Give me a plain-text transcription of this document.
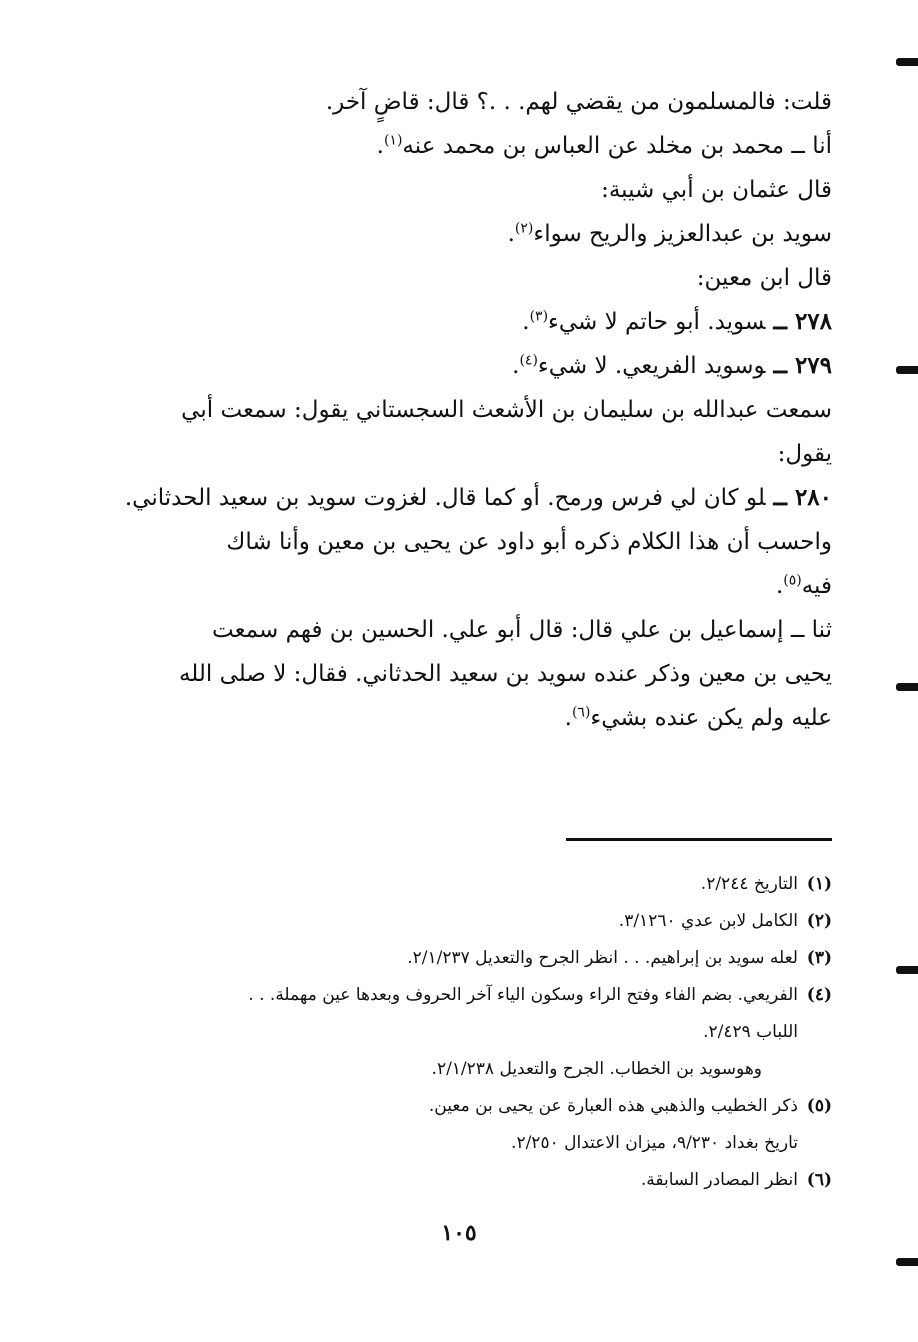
قلت: فالمسلمون من يقضي لهم. . .؟ قال: قاضٍ آخر.
أنا ــ محمد بن مخلد عن العباس بن محمد عنه$^{(١)}$.
قال عثمان بن أبي شيبة:
سويد بن عبدالعزيز والريح سواء$^{(٢)}$.
قال ابن معين:
٢٧٨ ــسويد. أبو حاتم لا شيء$^{(٣)}$.
٢٧٩ ــوسويد الفريعي. لا شيء$^{(٤)}$.
سمعت عبدالله بن سليمان بن الأشعث السجستاني يقول: سمعت أبي
يقول:
٢٨٠ ــلو كان لي فرس ورمح. أو كما قال. لغزوت سويد بن سعيد الحدثاني.
واحسب أن هذا الكلام ذكره أبو داود عن يحيى بن معين وأنا شاك
فيه$^{(٥)}$.
ثنا ــ إسماعيل بن علي قال: قال أبو علي. الحسين بن فهم سمعت
يحيى بن معين وذكر عنده سويد بن سعيد الحدثاني. فقال: لا صلى الله
عليه ولم يكن عنده بشيء$^{(٦)}$.
(١)التاريخ ٢/٢٤٤.
(٢)الكامل لابن عدي ٣/١٢٦٠.
(٣)لعله سويد بن إبراهيم. . . انظر الجرح والتعديل ٢/١/٢٣٧.
(٤)الفريعي. بضم الفاء وفتح الراء وسكون الياء آخر الحروف وبعدها عين مهملة. . .
اللباب ٢/٤٢٩.
وهوسويد بن الخطاب. الجرح والتعديل ٢/١/٢٣٨.
(٥)ذكر الخطيب والذهبي هذه العبارة عن يحيى بن معين.
تاريخ بغداد ٩/٢٣٠، ميزان الاعتدال ٢/٢٥٠.
(٦)انظر المصادر السابقة.
١٠٥
